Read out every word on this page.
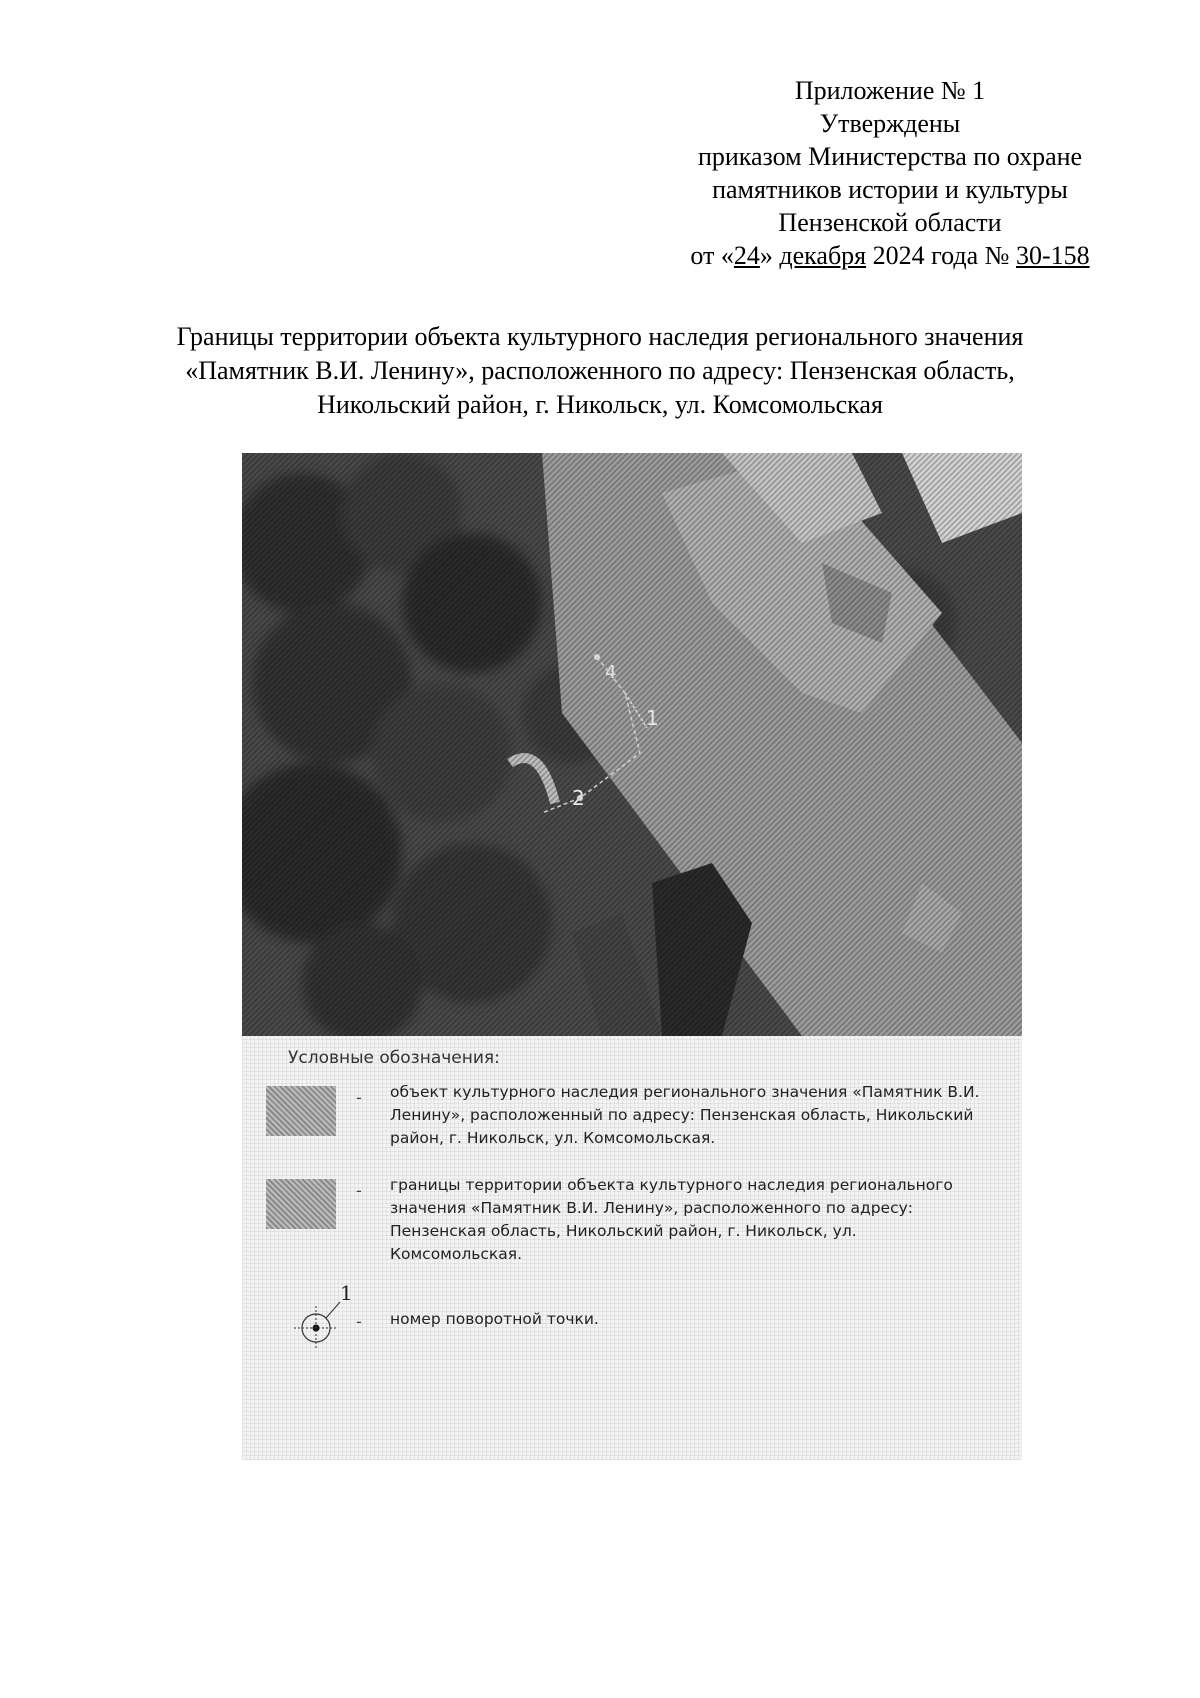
Приложение № 1
Утверждены
приказом Министерства по охране
памятников истории и культуры
Пензенской области
от «24» декабря 2024 года № 30-158
Границы территории объекта культурного наследия регионального значения
«Памятник В.И. Ленину», расположенного по адресу: Пензенская область,
Никольский район, г. Никольск, ул. Комсомольская
4
1
2
Условные обозначения:
- объект культурного наследия регионального значения «Памятник В.И. Ленину», расположенный по адресу: Пензенская область, Никольский район, г. Никольск, ул. Комсомольская.
- границы территории объекта культурного наследия регионального значения «Памятник В.И. Ленину», расположенного по адресу: Пензенская область, Никольский район, г. Никольск, ул. Комсомольская.
1
- номер поворотной точки.
